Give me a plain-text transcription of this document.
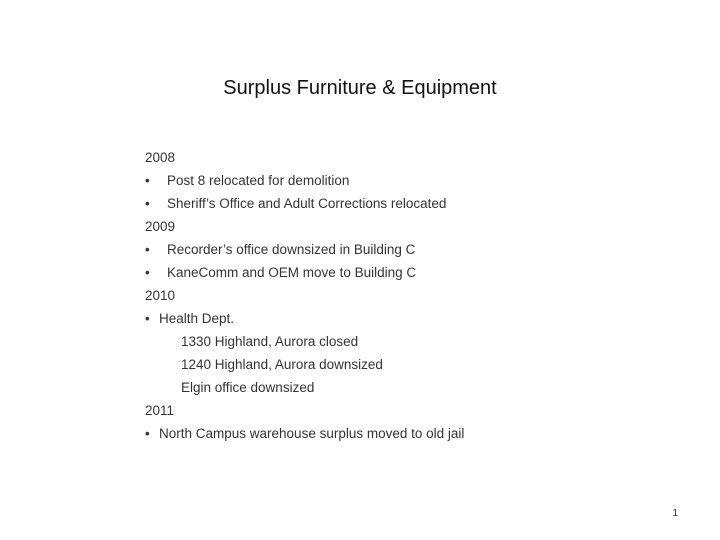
Surplus Furniture & Equipment
2008
• Post 8 relocated for demolition
• Sheriff’s Office and Adult Corrections relocated
2009
• Recorder’s office downsized in Building C
• KaneComm and OEM move to Building C
2010
• Health Dept.
1330 Highland, Aurora closed
1240 Highland, Aurora downsized
Elgin office downsized
2011
• North Campus warehouse surplus moved to old jail
1
